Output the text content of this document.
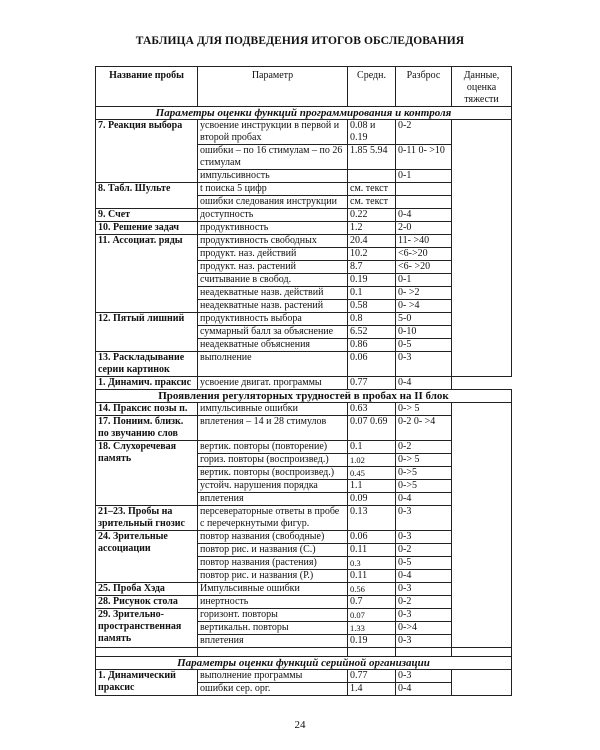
ТАБЛИЦА ДЛЯ ПОДВЕДЕНИЯ ИТОГОВ ОБСЛЕДОВАНИЯ
Название пробы	Параметр	Средн.	Разброс	Данные, оценка тяжести
Параметры оценки функций программирования и контроля				
7. Реакция выбора	усвоение инструкции в первой и второй пробах	0.08 и 0.19	0-2	
	ошибки – по 16 стимулам – по 26 стимулам	1.85 5.94	0-11 0- >10	
	импульсивность		0-1	
8. Табл. Шульте	t поиска 5 цифр	см. текст		
	ошибки следования инструкции	см. текст		
9. Счет	доступность	0.22	0-4	
10. Решение задач	продуктивность	1.2	2-0	
11. Ассоциат. ряды	продуктивность свободных	20.4	11- >40	
	продукт. наз. действий	10.2	<6->20	
	продукт. наз. растений	8.7	<6- >20	
	считывание в свобод.	0.19	0-1	
	неадекватные назв. действий	0.1	0- >2	
	неадекватные назв. растений	0.58	0- >4	
12. Пятый лишний	продуктивность выбора	0.8	5-0	
	суммарный балл за объяснение	6.52	0-10	
	неадекватные объяснения	0.86	0-5	
13. Раскладывание серии картинок	выполнение	0.06	0-3	
1. Динамич. праксис	усвоение двигат. программы	0.77	0-4	
Проявления регуляторных трудностей в пробах на II блок				
14. Праксис позы п.	импульсивные ошибки	0.63	0-> 5	
17. Пониим. близк. по звучанию слов	вплетения – 14 и 28 стимулов	0.07 0.69	0-2 0- >4	
18. Слухоречевая память	вертик. повторы (повторение)	0.1	0-2	
	гориз. повторы (воспроизвед.)	1.02	0-> 5	
	вертик. повторы (воспроизвед.)	0.45	0->5	
	устойч. нарушения порядка	1.1	0->5	
	вплетения	0.09	0-4	
21–23. Пробы на зрительный гнозис	персевераторные ответы в пробе с перечеркнутыми фигур.	0.13	0-3	
24. Зрительные ассоциации	повтор названия (свободные)	0.06	0-3	
	повтор рис. и названия (С.)	0.11	0-2	
	повтор названия (растения)	0.3	0-5	
	повтор рис. и названия (Р.)	0.11	0-4	
25. Проба Хэда	Импульсивные ошибки	0.56	0-3	
28. Рисунок стола	инертность	0.7	0-2	
29. Зрительно-пространственная память	горизонт. повторы	0.07	0-3	
	вертикальн. повторы	1.33	0->4	
	вплетения	0.19	0-3	

Параметры оценки функций серийной организации				
1. Динамический праксис	выполнение программы	0.77	0-3	
	ошибки сер. орг.	1.4	0-4	
24
